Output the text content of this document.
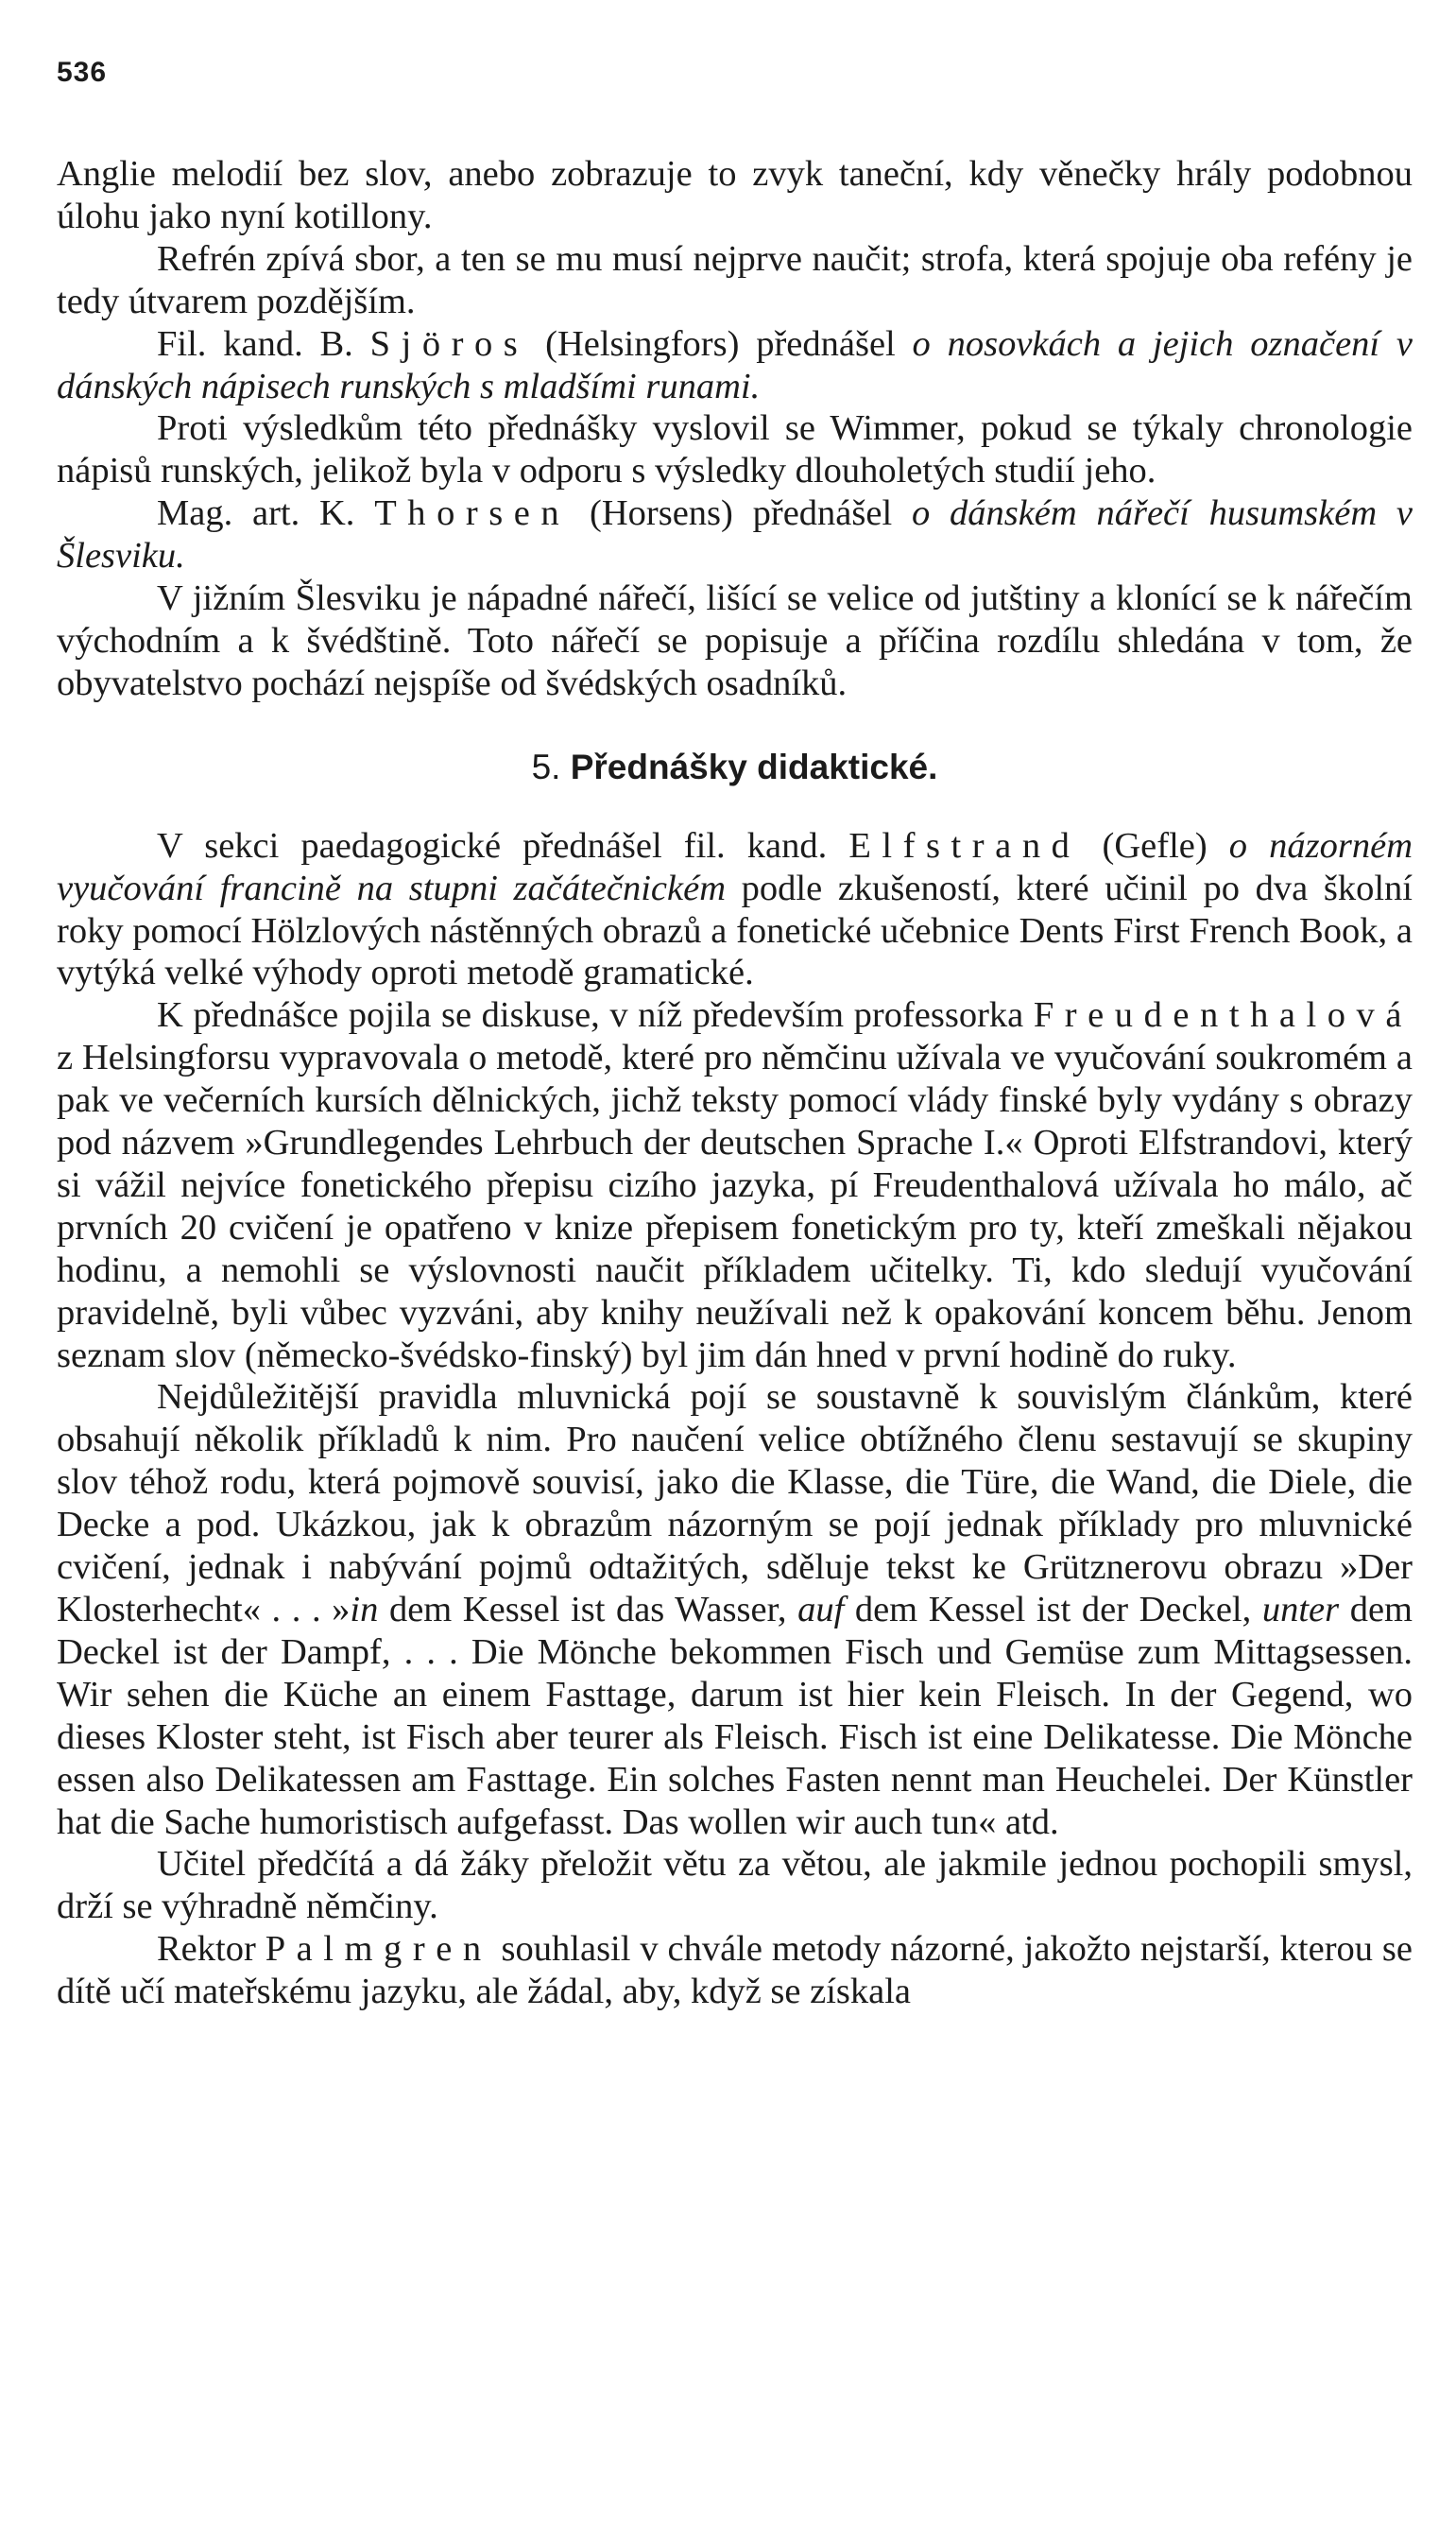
536

Anglie melodií bez slov, anebo zobrazuje to zvyk taneční, kdy věnečky hrály podobnou úlohu jako nyní kotillony.

Refrén zpívá sbor, a ten se mu musí nejprve naučit; strofa, která spojuje oba refény je tedy útvarem pozdějším.

Fil. kand. B. Sjöros (Helsingfors) přednášel o nosovkách a jejich označení v dánských nápisech runských s mladšími runami.

Proti výsledkům této přednášky vyslovil se Wimmer, pokud se týkaly chronologie nápisů runských, jelikož byla v odporu s výsledky dlouholetých studií jeho.

Mag. art. K. Thorsen (Horsens) přednášel o dánském nářečí husumském v Šlesviku.

V jižním Šlesviku je nápadné nářečí, lišící se velice od jutštiny a klonící se k nářečím východním a k švédštině. Toto nářečí se popisuje a příčina rozdílu shledána v tom, že obyvatelstvo pochází nejspíše od švédských osadníků.

5. Přednášky didaktické.

V sekci paedagogické přednášel fil. kand. Elfstrand (Gefle) o názorném vyučování francině na stupni začátečnickém podle zkušeností, které učinil po dva školní roky pomocí Hölzlových nástěnných obrazů a fonetické učebnice Dents First French Book, a vytýká velké výhody oproti metodě gramatické.

K přednášce pojila se diskuse, v níž především professorka Freudenthalová z Helsingforsu vypravovala o metodě, které pro němčinu užívala ve vyučování soukromém a pak ve večerních kursích dělnických, jichž teksty pomocí vlády finské byly vydány s obrazy pod názvem »Grundlegendes Lehrbuch der deutschen Sprache I.« Oproti Elfstrandovi, který si vážil nejvíce fonetického přepisu cizího jazyka, pí Freudenthalová užívala ho málo, ač prvních 20 cvičení je opatřeno v knize přepisem fonetickým pro ty, kteří zmeškali nějakou hodinu, a nemohli se výslovnosti naučit příkladem učitelky. Ti, kdo sledují vyučování pravidelně, byli vůbec vyzváni, aby knihy neužívali než k opakování koncem běhu. Jenom seznam slov (německo-švédsko-finský) byl jim dán hned v první hodině do ruky.

Nejdůležitější pravidla mluvnická pojí se soustavně k souvislým článkům, které obsahují několik příkladů k nim. Pro naučení velice obtížného členu sestavují se skupiny slov téhož rodu, která pojmově souvisí, jako die Klasse, die Türe, die Wand, die Diele, die Decke a pod. Ukázkou, jak k obrazům názorným se pojí jednak příklady pro mluvnické cvičení, jednak i nabývání pojmů odtažitých, sděluje tekst ke Grütznerovu obrazu »Der Klosterhecht« . . . »in dem Kessel ist das Wasser, auf dem Kessel ist der Deckel, unter dem Deckel ist der Dampf, . . . Die Mönche bekommen Fisch und Gemüse zum Mittagsessen. Wir sehen die Küche an einem Fasttage, darum ist hier kein Fleisch. In der Gegend, wo dieses Kloster steht, ist Fisch aber teurer als Fleisch. Fisch ist eine Delikatesse. Die Mönche essen also Delikatessen am Fasttage. Ein solches Fasten nennt man Heuchelei. Der Künstler hat die Sache humoristisch aufgefasst. Das wollen wir auch tun« atd.

Učitel předčítá a dá žáky přeložit větu za větou, ale jakmile jednou pochopili smysl, drží se výhradně němčiny.

Rektor Palmgren souhlasil v chvále metody názorné, jakožto nejstarší, kterou se dítě učí mateřskému jazyku, ale žádal, aby, když se získala
